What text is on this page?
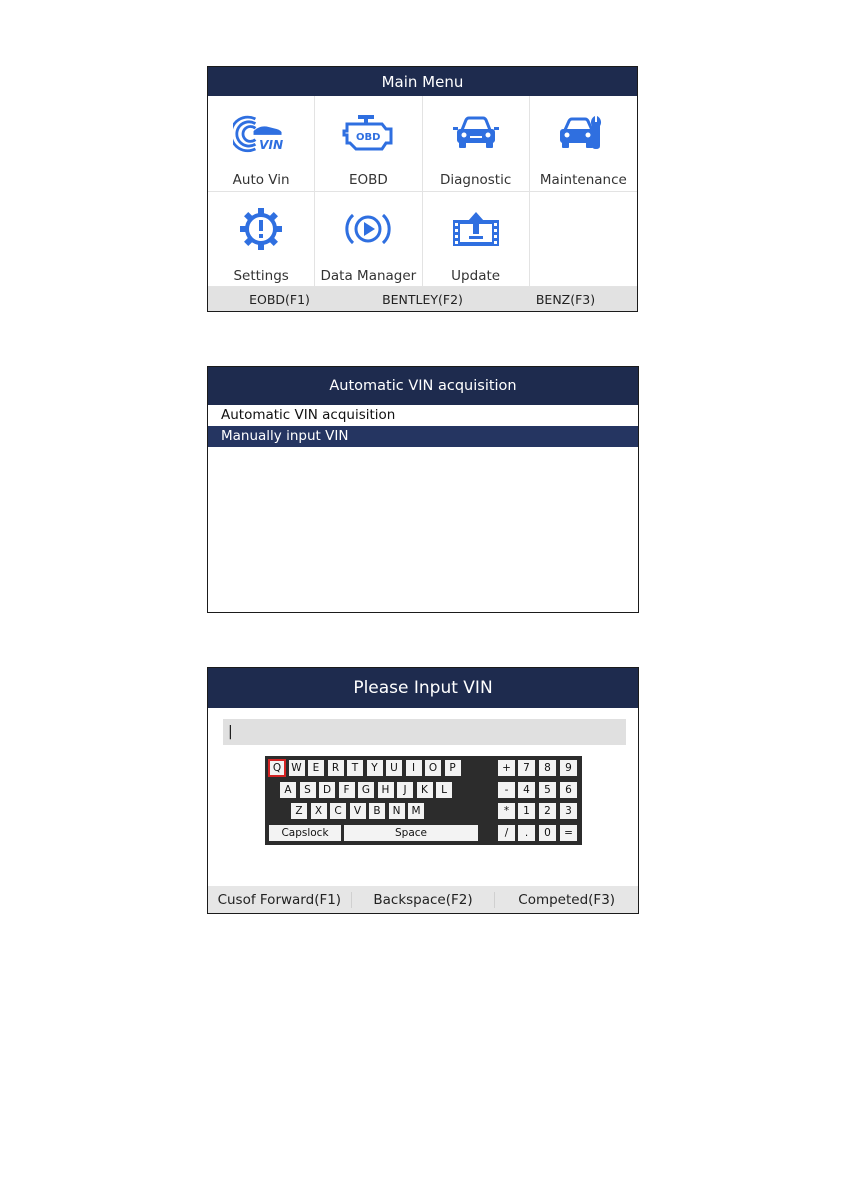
Main Menu
VIN
Auto Vin
OBD
EOBD	Diagnostic Maintenance
Settings Data Manager	Update
EOBD(F1)	BENTLEY(F2)	BENZ(F3)
Automatic VIN acquisition
Automatic VIN acquisition
Manually input VIN
Please Input VIN
|
Q W	E	R	T	Y	U	I	O	P
A	S	D	F	G	H	J	K	L
Z	X	C	V	B	N	M
Capslock	Space
+	7	8	9
-	4	5	6
*	1	2	3
/	.	0	=
Cusof Forward(F1)	Backspace(F2)	Competed(F3)
